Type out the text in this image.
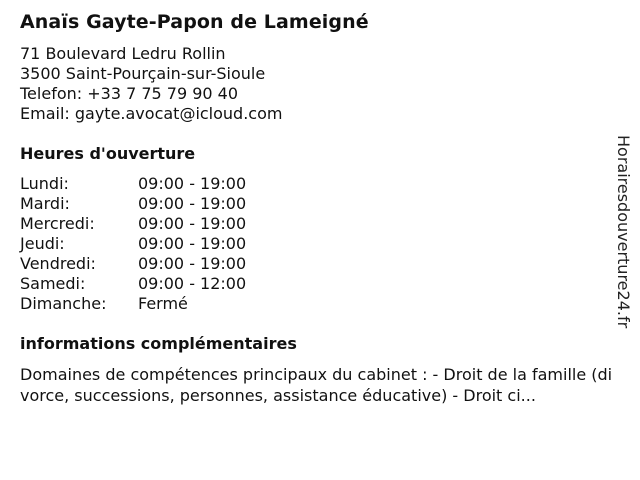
Anaïs Gayte-Papon de Lameigné
71 Boulevard Ledru Rollin
3500 Saint-Pourçain-sur-Sioule
Telefon: +33 7 75 79 90 40
Email: gayte.avocat@icloud.com
Heures d'ouverture
Lundi:	09:00 - 19:00
Mardi:	09:00 - 19:00
Mercredi:	09:00 - 19:00
Jeudi:	09:00 - 19:00
Vendredi:	09:00 - 19:00
Samedi:	09:00 - 12:00
Dimanche:	Fermé
informations complémentaires
Domaines de compétences principaux du cabinet : - Droit de la famille (divorce, successions, personnes, assistance éducative) - Droit ci...
Horairesdouverture24.fr
